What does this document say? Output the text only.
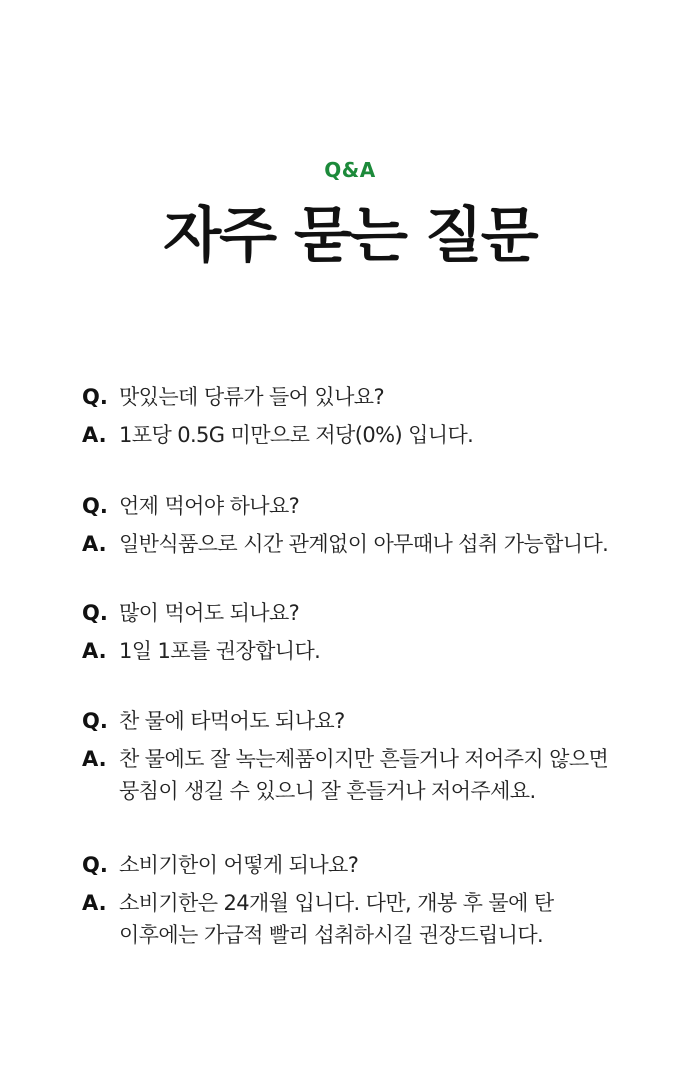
Q&A
자주 묻는 질문
Q. 맛있는데 당류가 들어 있나요?
A. 1포당 0.5G 미만으로 저당(0%) 입니다.
Q. 언제 먹어야 하나요?
A. 일반식품으로 시간 관계없이 아무때나 섭취 가능합니다.
Q. 많이 먹어도 되나요?
A. 1일 1포를 권장합니다.
Q. 찬 물에 타먹어도 되나요?
A. 찬 물에도 잘 녹는제품이지만 흔들거나 저어주지 않으면
뭉침이 생길 수 있으니 잘 흔들거나 저어주세요.
Q. 소비기한이 어떻게 되나요?
A. 소비기한은 24개월 입니다. 다만, 개봉 후 물에 탄
이후에는 가급적 빨리 섭취하시길 권장드립니다.
